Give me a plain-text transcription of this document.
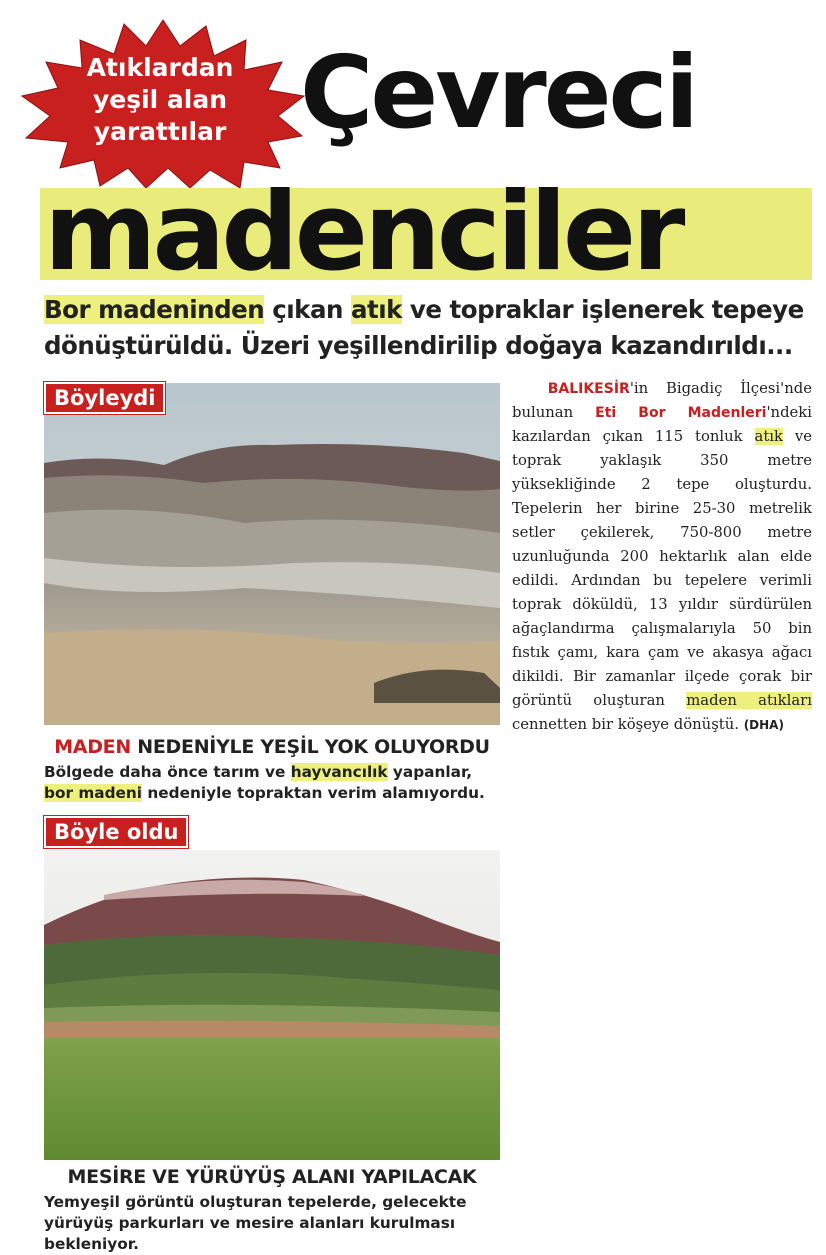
Atıklardan
yeşil alan
yarattılar Çevreci
madenciler
Bor madeninden çıkan atık ve topraklar işlenerek tepeye dönüştürüldü. Üzeri yeşillendirilip doğaya kazandırıldı...
Böyleydi	BALIKESİR'in Bigadiç İlçesi'nde bulunan Eti Bor Madenleri'ndeki kazılardan çıkan 115 tonluk atık ve toprak yaklaşık 350 metre yüksekliğinde 2 tepe oluşturdu. Tepelerin her birine 25-30 metrelik setler çekilerek, 750-800 metre uzunluğunda 200 hektarlık alan elde edildi. Ardından bu tepelere verimli toprak döküldü, 13 yıldır sürdürülen ağaçlandırma çalışmalarıyla 50 bin fıstık çamı, kara çam ve akasya ağacı dikildi. Bir zamanlar ilçede çorak bir görüntü oluşturan maden atıkları cennetten bir köşeye dönüştü. (DHA)
MADEN NEDENİYLE YEŞİL YOK OLUYORDU
Bölgede daha önce tarım ve hayvancılık yapanlar, bor madeni nedeniyle topraktan verim alamıyordu.
Böyle oldu
MESİRE VE YÜRÜYÜŞ ALANI YAPILACAK
Yemyeşil görüntü oluşturan tepelerde, gelecekte yürüyüş parkurları ve mesire alanları kurulması bekleniyor.
